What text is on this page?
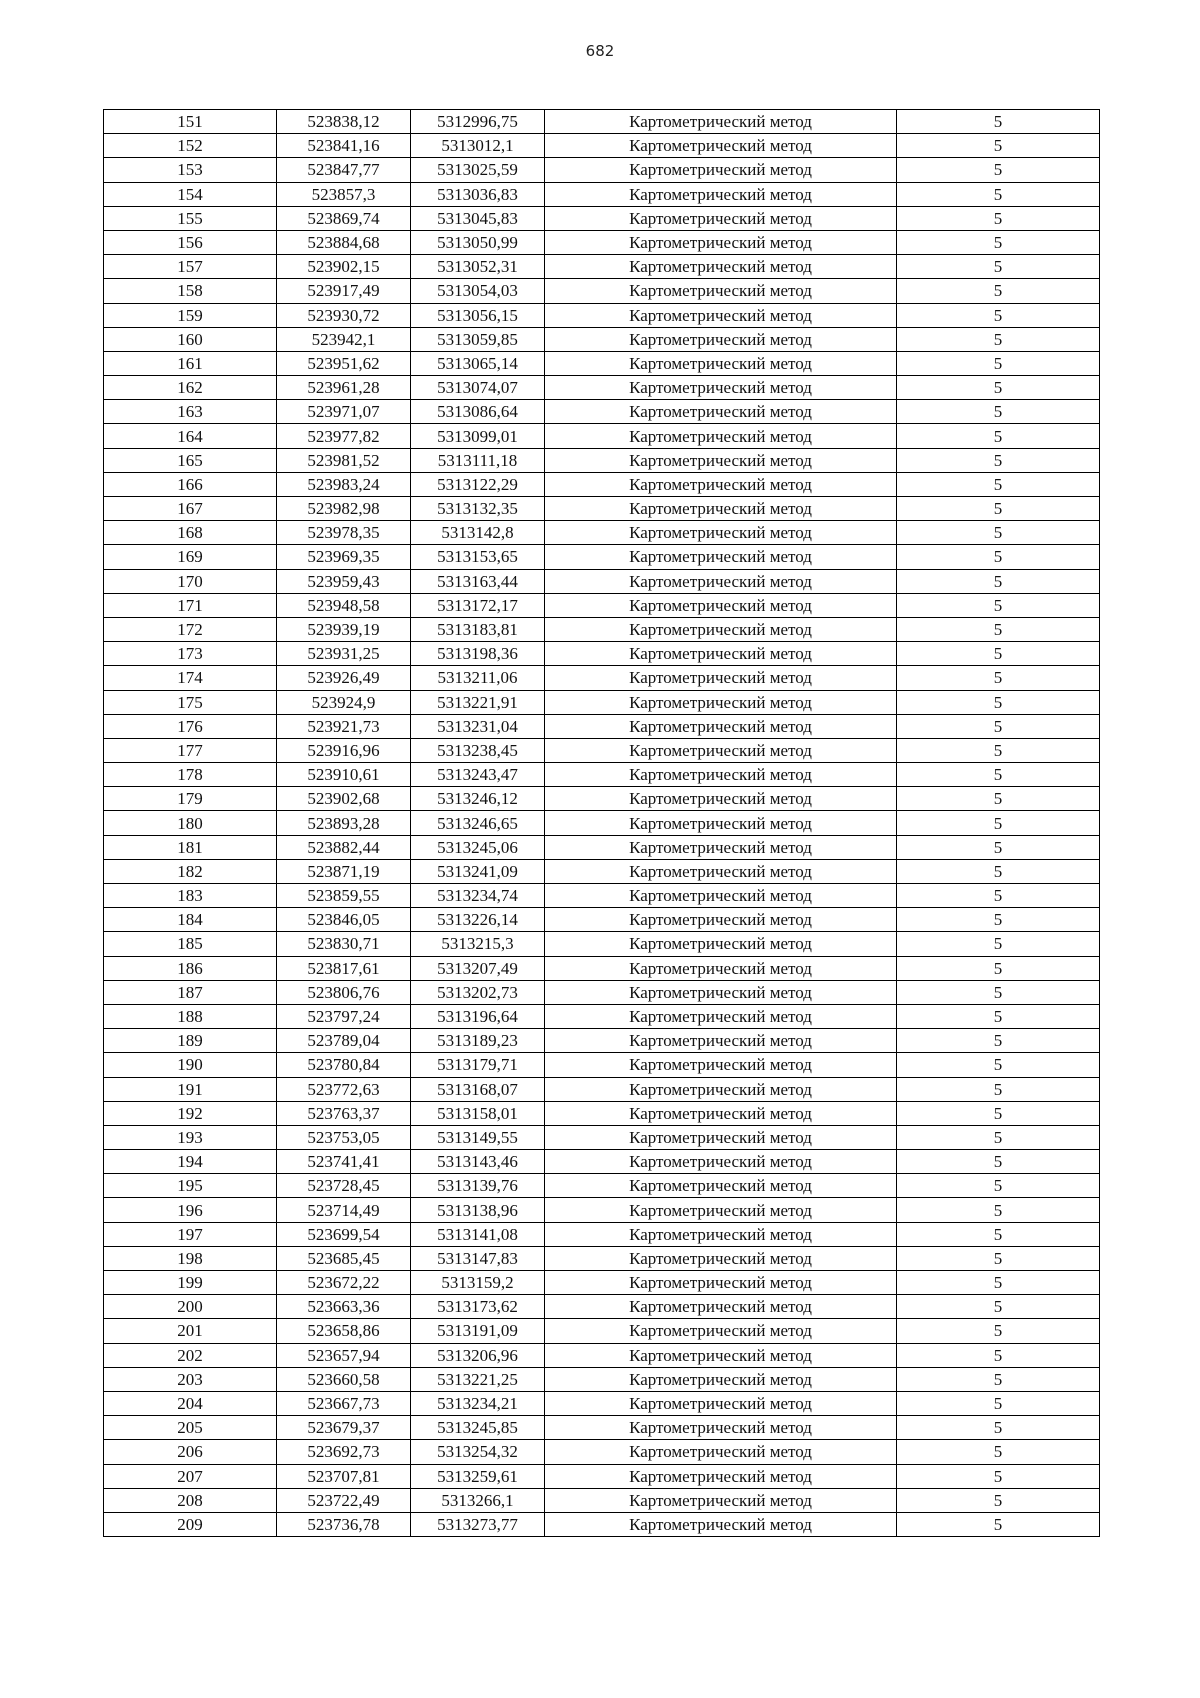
682
151	523838,12	5312996,75	Картометрический метод	5
152	523841,16	5313012,1	Картометрический метод	5
153	523847,77	5313025,59	Картометрический метод	5
154	523857,3	5313036,83	Картометрический метод	5
155	523869,74	5313045,83	Картометрический метод	5
156	523884,68	5313050,99	Картометрический метод	5
157	523902,15	5313052,31	Картометрический метод	5
158	523917,49	5313054,03	Картометрический метод	5
159	523930,72	5313056,15	Картометрический метод	5
160	523942,1	5313059,85	Картометрический метод	5
161	523951,62	5313065,14	Картометрический метод	5
162	523961,28	5313074,07	Картометрический метод	5
163	523971,07	5313086,64	Картометрический метод	5
164	523977,82	5313099,01	Картометрический метод	5
165	523981,52	5313111,18	Картометрический метод	5
166	523983,24	5313122,29	Картометрический метод	5
167	523982,98	5313132,35	Картометрический метод	5
168	523978,35	5313142,8	Картометрический метод	5
169	523969,35	5313153,65	Картометрический метод	5
170	523959,43	5313163,44	Картометрический метод	5
171	523948,58	5313172,17	Картометрический метод	5
172	523939,19	5313183,81	Картометрический метод	5
173	523931,25	5313198,36	Картометрический метод	5
174	523926,49	5313211,06	Картометрический метод	5
175	523924,9	5313221,91	Картометрический метод	5
176	523921,73	5313231,04	Картометрический метод	5
177	523916,96	5313238,45	Картометрический метод	5
178	523910,61	5313243,47	Картометрический метод	5
179	523902,68	5313246,12	Картометрический метод	5
180	523893,28	5313246,65	Картометрический метод	5
181	523882,44	5313245,06	Картометрический метод	5
182	523871,19	5313241,09	Картометрический метод	5
183	523859,55	5313234,74	Картометрический метод	5
184	523846,05	5313226,14	Картометрический метод	5
185	523830,71	5313215,3	Картометрический метод	5
186	523817,61	5313207,49	Картометрический метод	5
187	523806,76	5313202,73	Картометрический метод	5
188	523797,24	5313196,64	Картометрический метод	5
189	523789,04	5313189,23	Картометрический метод	5
190	523780,84	5313179,71	Картометрический метод	5
191	523772,63	5313168,07	Картометрический метод	5
192	523763,37	5313158,01	Картометрический метод	5
193	523753,05	5313149,55	Картометрический метод	5
194	523741,41	5313143,46	Картометрический метод	5
195	523728,45	5313139,76	Картометрический метод	5
196	523714,49	5313138,96	Картометрический метод	5
197	523699,54	5313141,08	Картометрический метод	5
198	523685,45	5313147,83	Картометрический метод	5
199	523672,22	5313159,2	Картометрический метод	5
200	523663,36	5313173,62	Картометрический метод	5
201	523658,86	5313191,09	Картометрический метод	5
202	523657,94	5313206,96	Картометрический метод	5
203	523660,58	5313221,25	Картометрический метод	5
204	523667,73	5313234,21	Картометрический метод	5
205	523679,37	5313245,85	Картометрический метод	5
206	523692,73	5313254,32	Картометрический метод	5
207	523707,81	5313259,61	Картометрический метод	5
208	523722,49	5313266,1	Картометрический метод	5
209	523736,78	5313273,77	Картометрический метод	5
